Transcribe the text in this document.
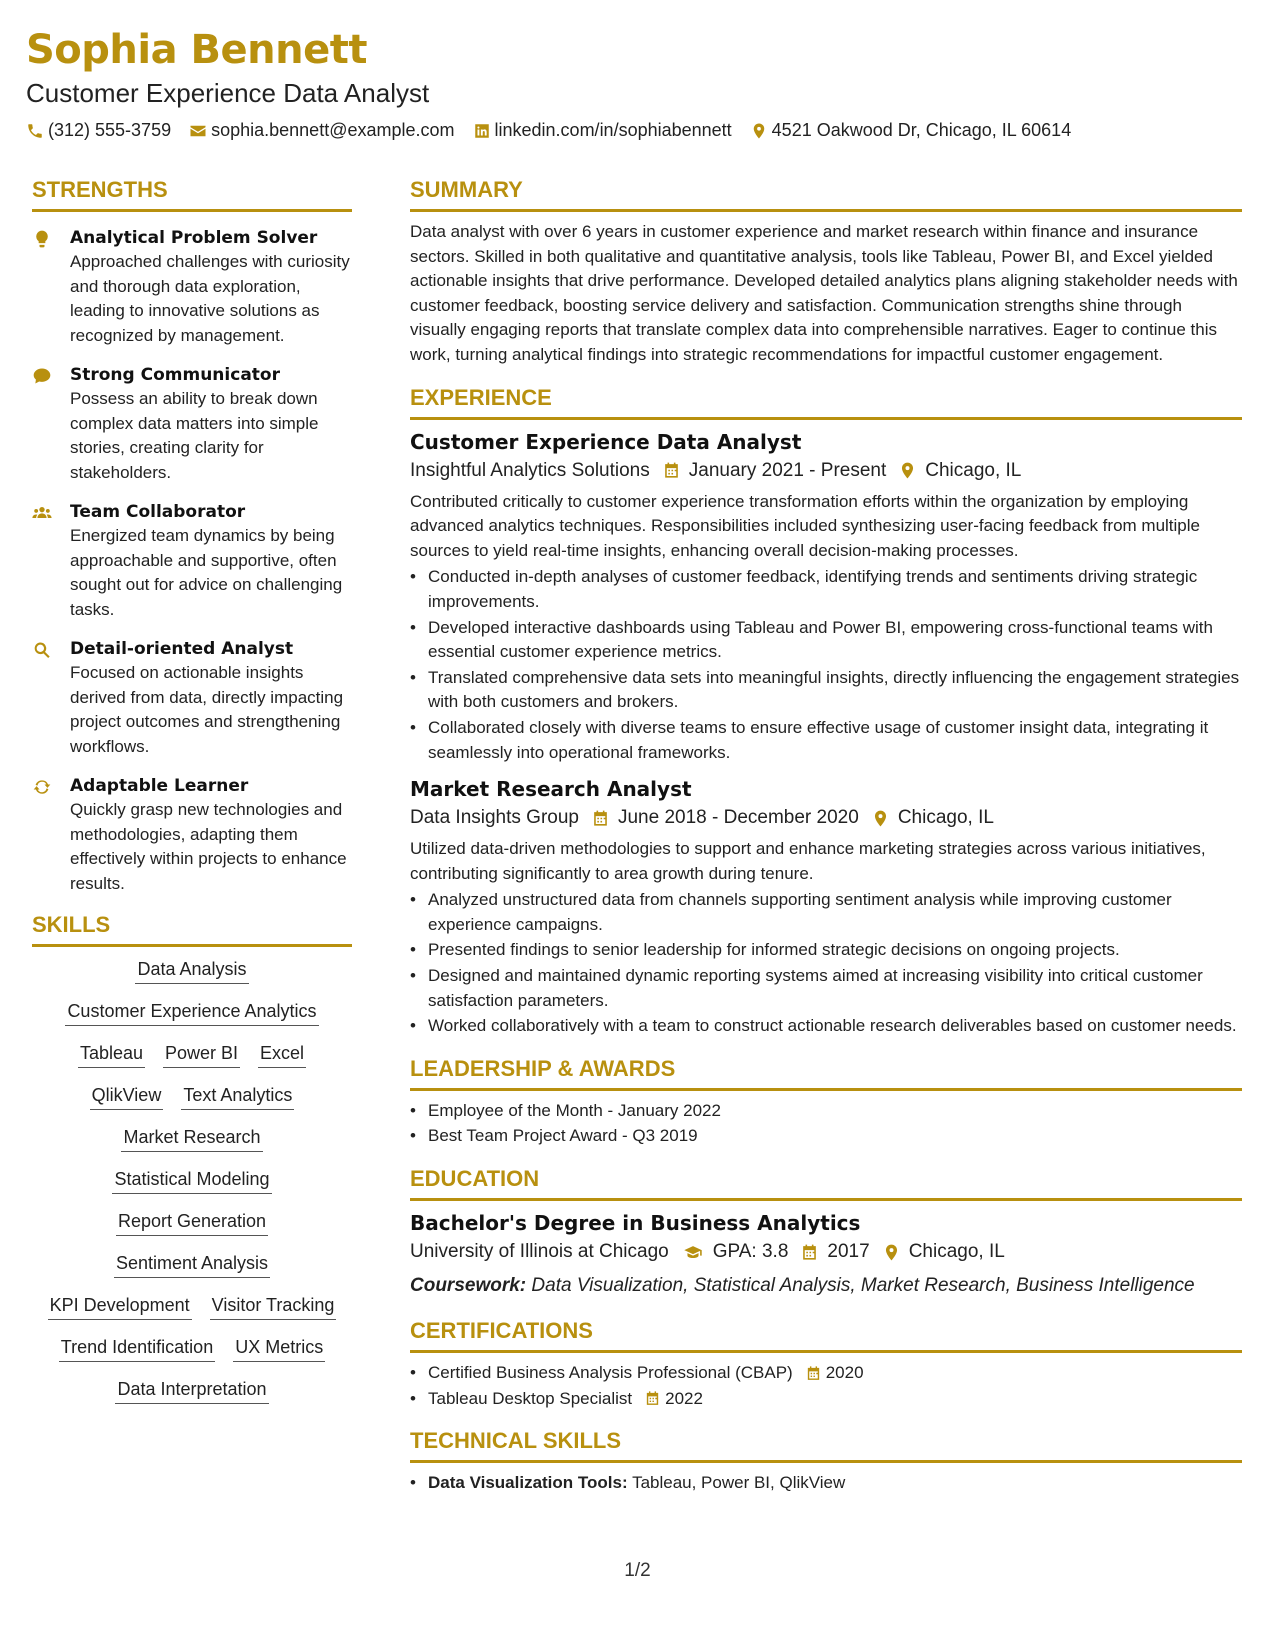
Sophia Bennett
Customer Experience Data Analyst
(312) 555-3759 sophia.bennett@example.com linkedin.com/in/sophiabennett 4521 Oakwood Dr, Chicago, IL 60614
STRENGTHS
Analytical Problem Solver
Approached challenges with curiosity and thorough data exploration, leading to innovative solutions as recognized by management.
Strong Communicator
Possess an ability to break down complex data matters into simple stories, creating clarity for stakeholders.
Team Collaborator
Energized team dynamics by being approachable and supportive, often sought out for advice on challenging tasks.
Detail-oriented Analyst
Focused on actionable insights derived from data, directly impacting project outcomes and strengthening workflows.
Adaptable Learner
Quickly grasp new technologies and methodologies, adapting them effectively within projects to enhance results.
SKILLS
Data Analysis
Customer Experience Analytics
Tableau Power BI Excel
QlikView Text Analytics
Market Research
Statistical Modeling
Report Generation
Sentiment Analysis
KPI Development Visitor Tracking
Trend Identification UX Metrics
Data Interpretation
SUMMARY
Data analyst with over 6 years in customer experience and market research within finance and insurance sectors. Skilled in both qualitative and quantitative analysis, tools like Tableau, Power BI, and Excel yielded actionable insights that drive performance. Developed detailed analytics plans aligning stakeholder needs with customer feedback, boosting service delivery and satisfaction. Communication strengths shine through visually engaging reports that translate complex data into comprehensible narratives. Eager to continue this work, turning analytical findings into strategic recommendations for impactful customer engagement.
EXPERIENCE
Customer Experience Data Analyst
Insightful Analytics Solutions January 2021 - Present Chicago, IL
Contributed critically to customer experience transformation efforts within the organization by employing advanced analytics techniques. Responsibilities included synthesizing user-facing feedback from multiple sources to yield real-time insights, enhancing overall decision-making processes.
• Conducted in-depth analyses of customer feedback, identifying trends and sentiments driving strategic improvements.
• Developed interactive dashboards using Tableau and Power BI, empowering cross-functional teams with essential customer experience metrics.
• Translated comprehensive data sets into meaningful insights, directly influencing the engagement strategies with both customers and brokers.
• Collaborated closely with diverse teams to ensure effective usage of customer insight data, integrating it seamlessly into operational frameworks.
Market Research Analyst
Data Insights Group June 2018 - December 2020 Chicago, IL
Utilized data-driven methodologies to support and enhance marketing strategies across various initiatives, contributing significantly to area growth during tenure.
• Analyzed unstructured data from channels supporting sentiment analysis while improving customer experience campaigns.
• Presented findings to senior leadership for informed strategic decisions on ongoing projects.
• Designed and maintained dynamic reporting systems aimed at increasing visibility into critical customer satisfaction parameters.
• Worked collaboratively with a team to construct actionable research deliverables based on customer needs.
LEADERSHIP & AWARDS
• Employee of the Month - January 2022
• Best Team Project Award - Q3 2019
EDUCATION
Bachelor's Degree in Business Analytics
University of Illinois at Chicago GPA: 3.8 2017 Chicago, IL
Coursework: Data Visualization, Statistical Analysis, Market Research, Business Intelligence
CERTIFICATIONS
• Certified Business Analysis Professional (CBAP) 2020
• Tableau Desktop Specialist 2022
TECHNICAL SKILLS
• Data Visualization Tools: Tableau, Power BI, QlikView
1/2
